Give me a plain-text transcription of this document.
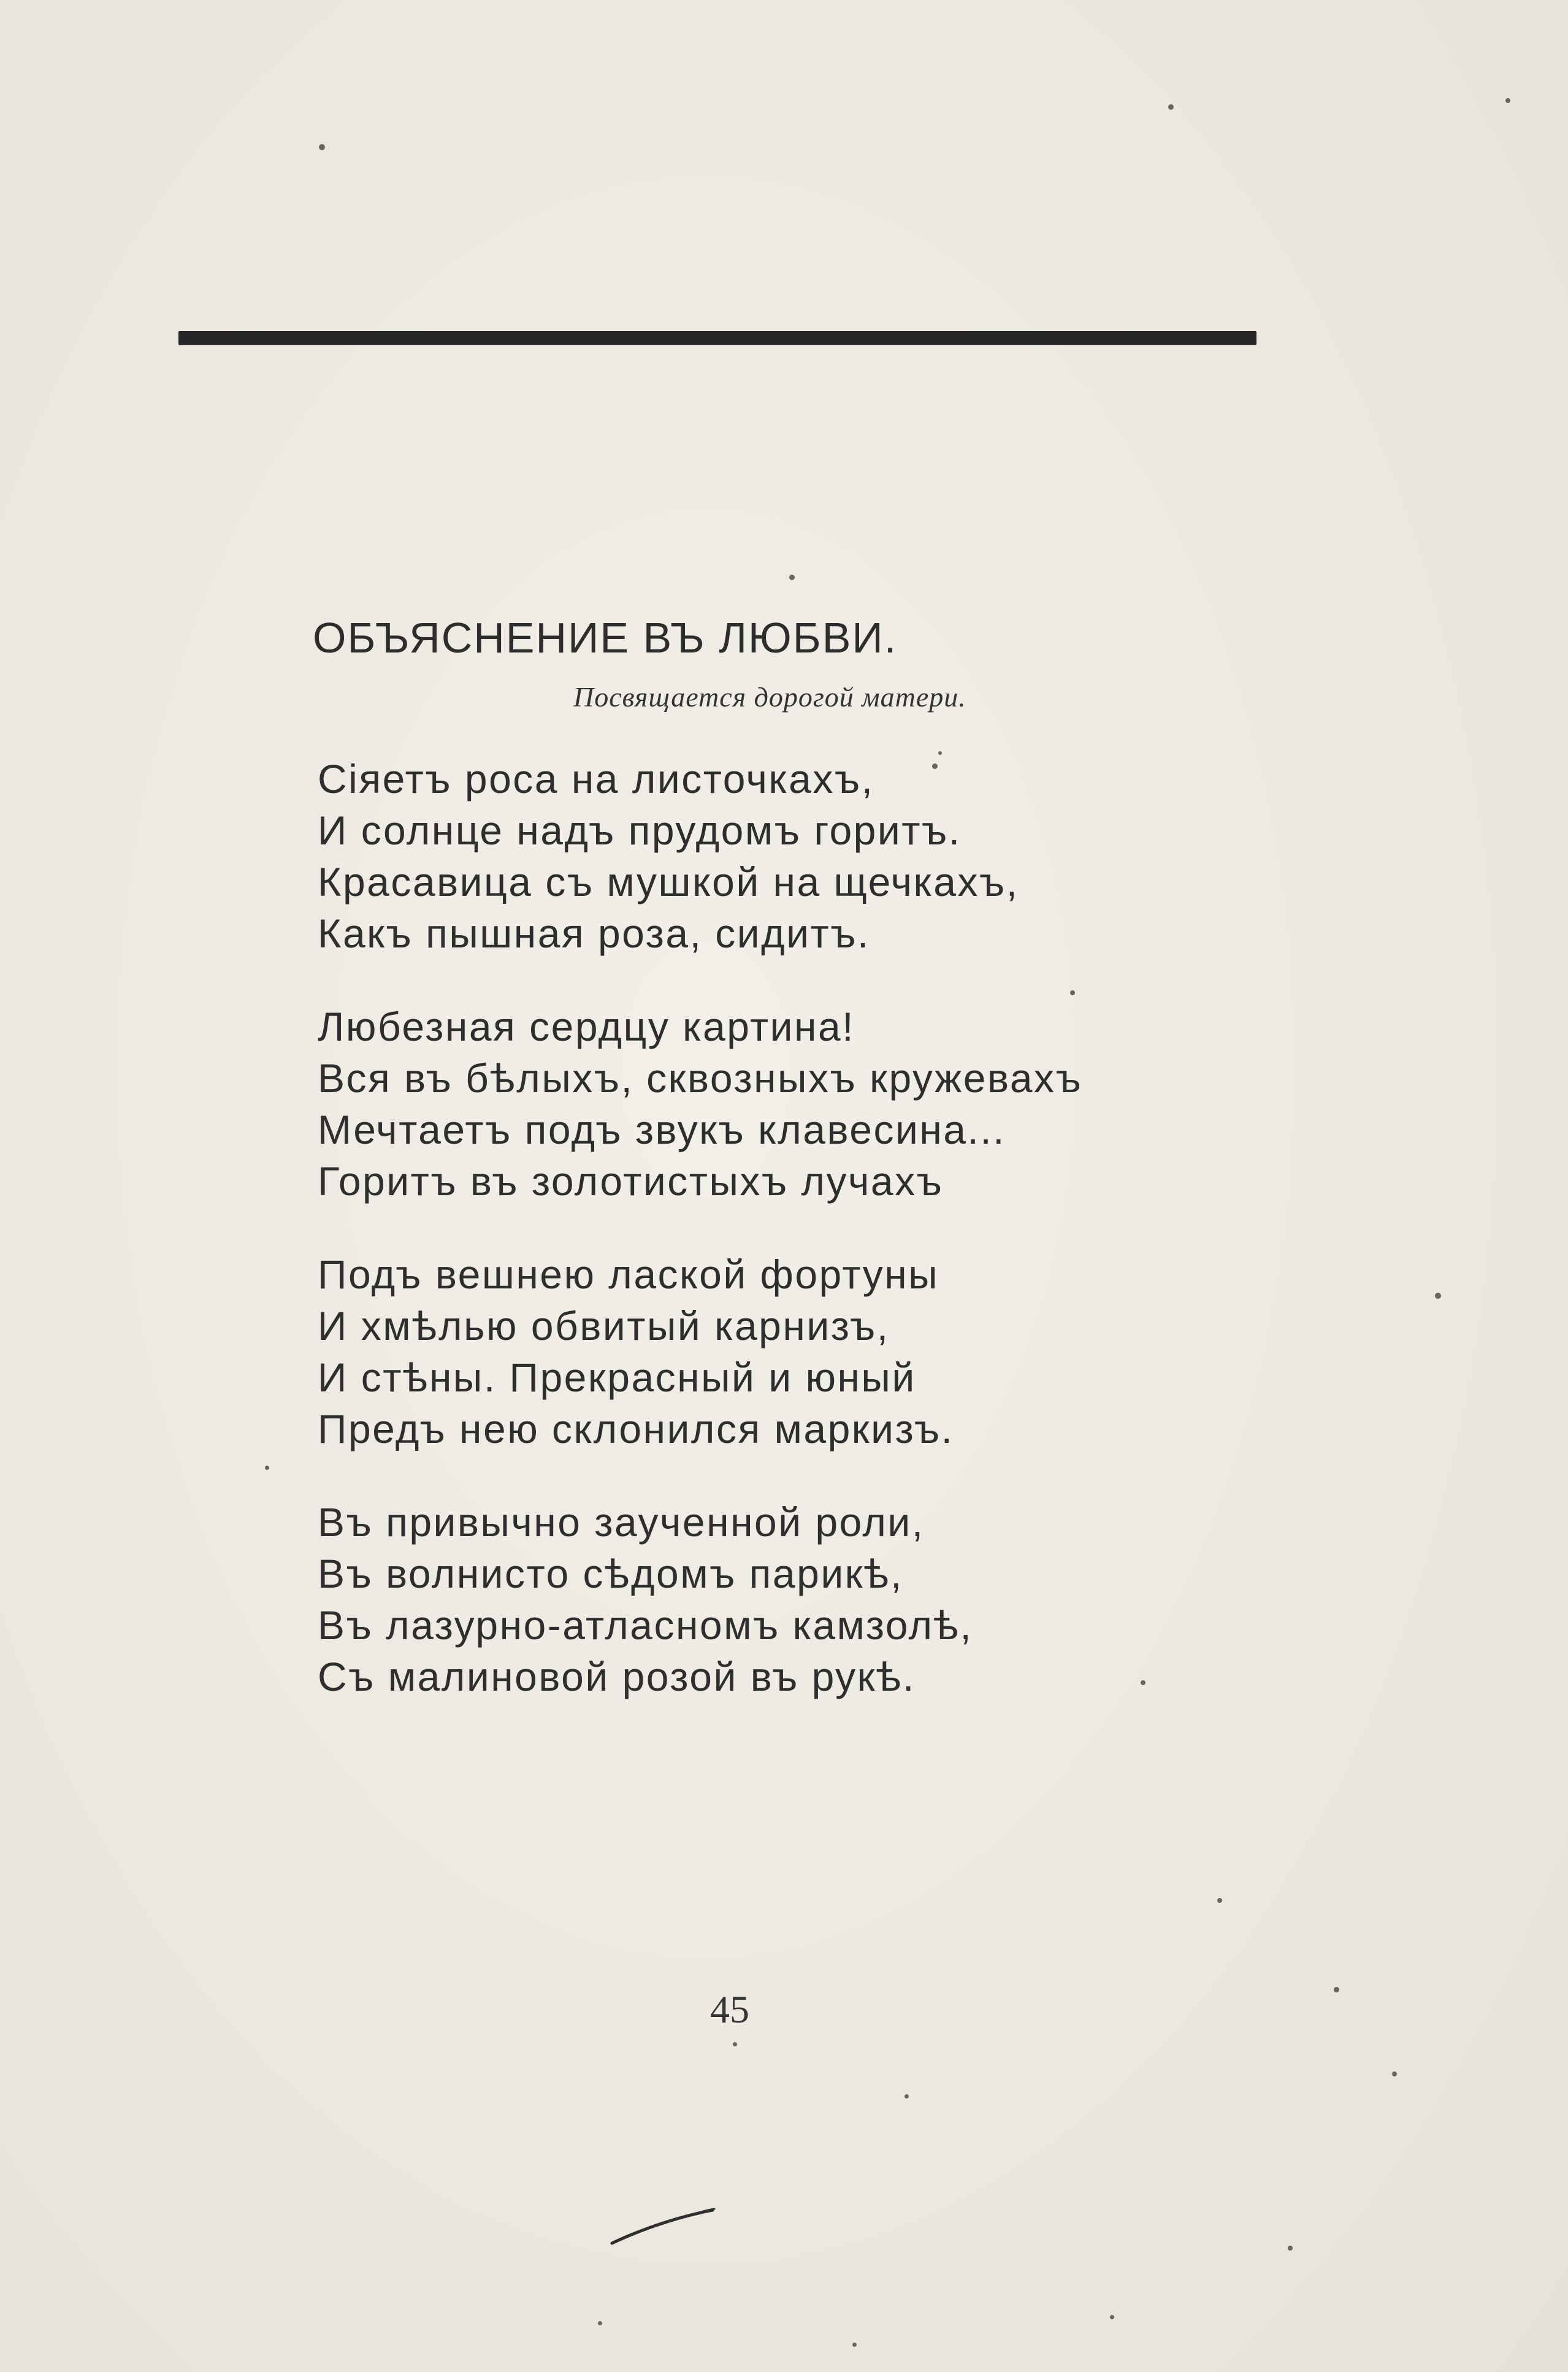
ОБЪЯСНЕНИЕ ВЪ ЛЮБВИ.
Посвящается дорогой матери.
Сіяетъ роса на листочкахъ,
И солнце надъ прудомъ горитъ.
Красавица съ мушкой на щечкахъ,
Какъ пышная роза, сидитъ.
Любезная сердцу картина!
Вся въ бѣлыхъ, сквозныхъ кружевахъ
Мечтаетъ подъ звукъ клавесина...
Горитъ въ золотистыхъ лучахъ
Подъ вешнею лаской фортуны
И хмѣлью обвитый карнизъ,
И стѣны. Прекрасный и юный
Предъ нею склонился маркизъ.
Въ привычно заученной роли,
Въ волнисто сѣдомъ парикѣ,
Въ лазурно-атласномъ камзолѣ,
Съ малиновой розой въ рукѣ.
45
